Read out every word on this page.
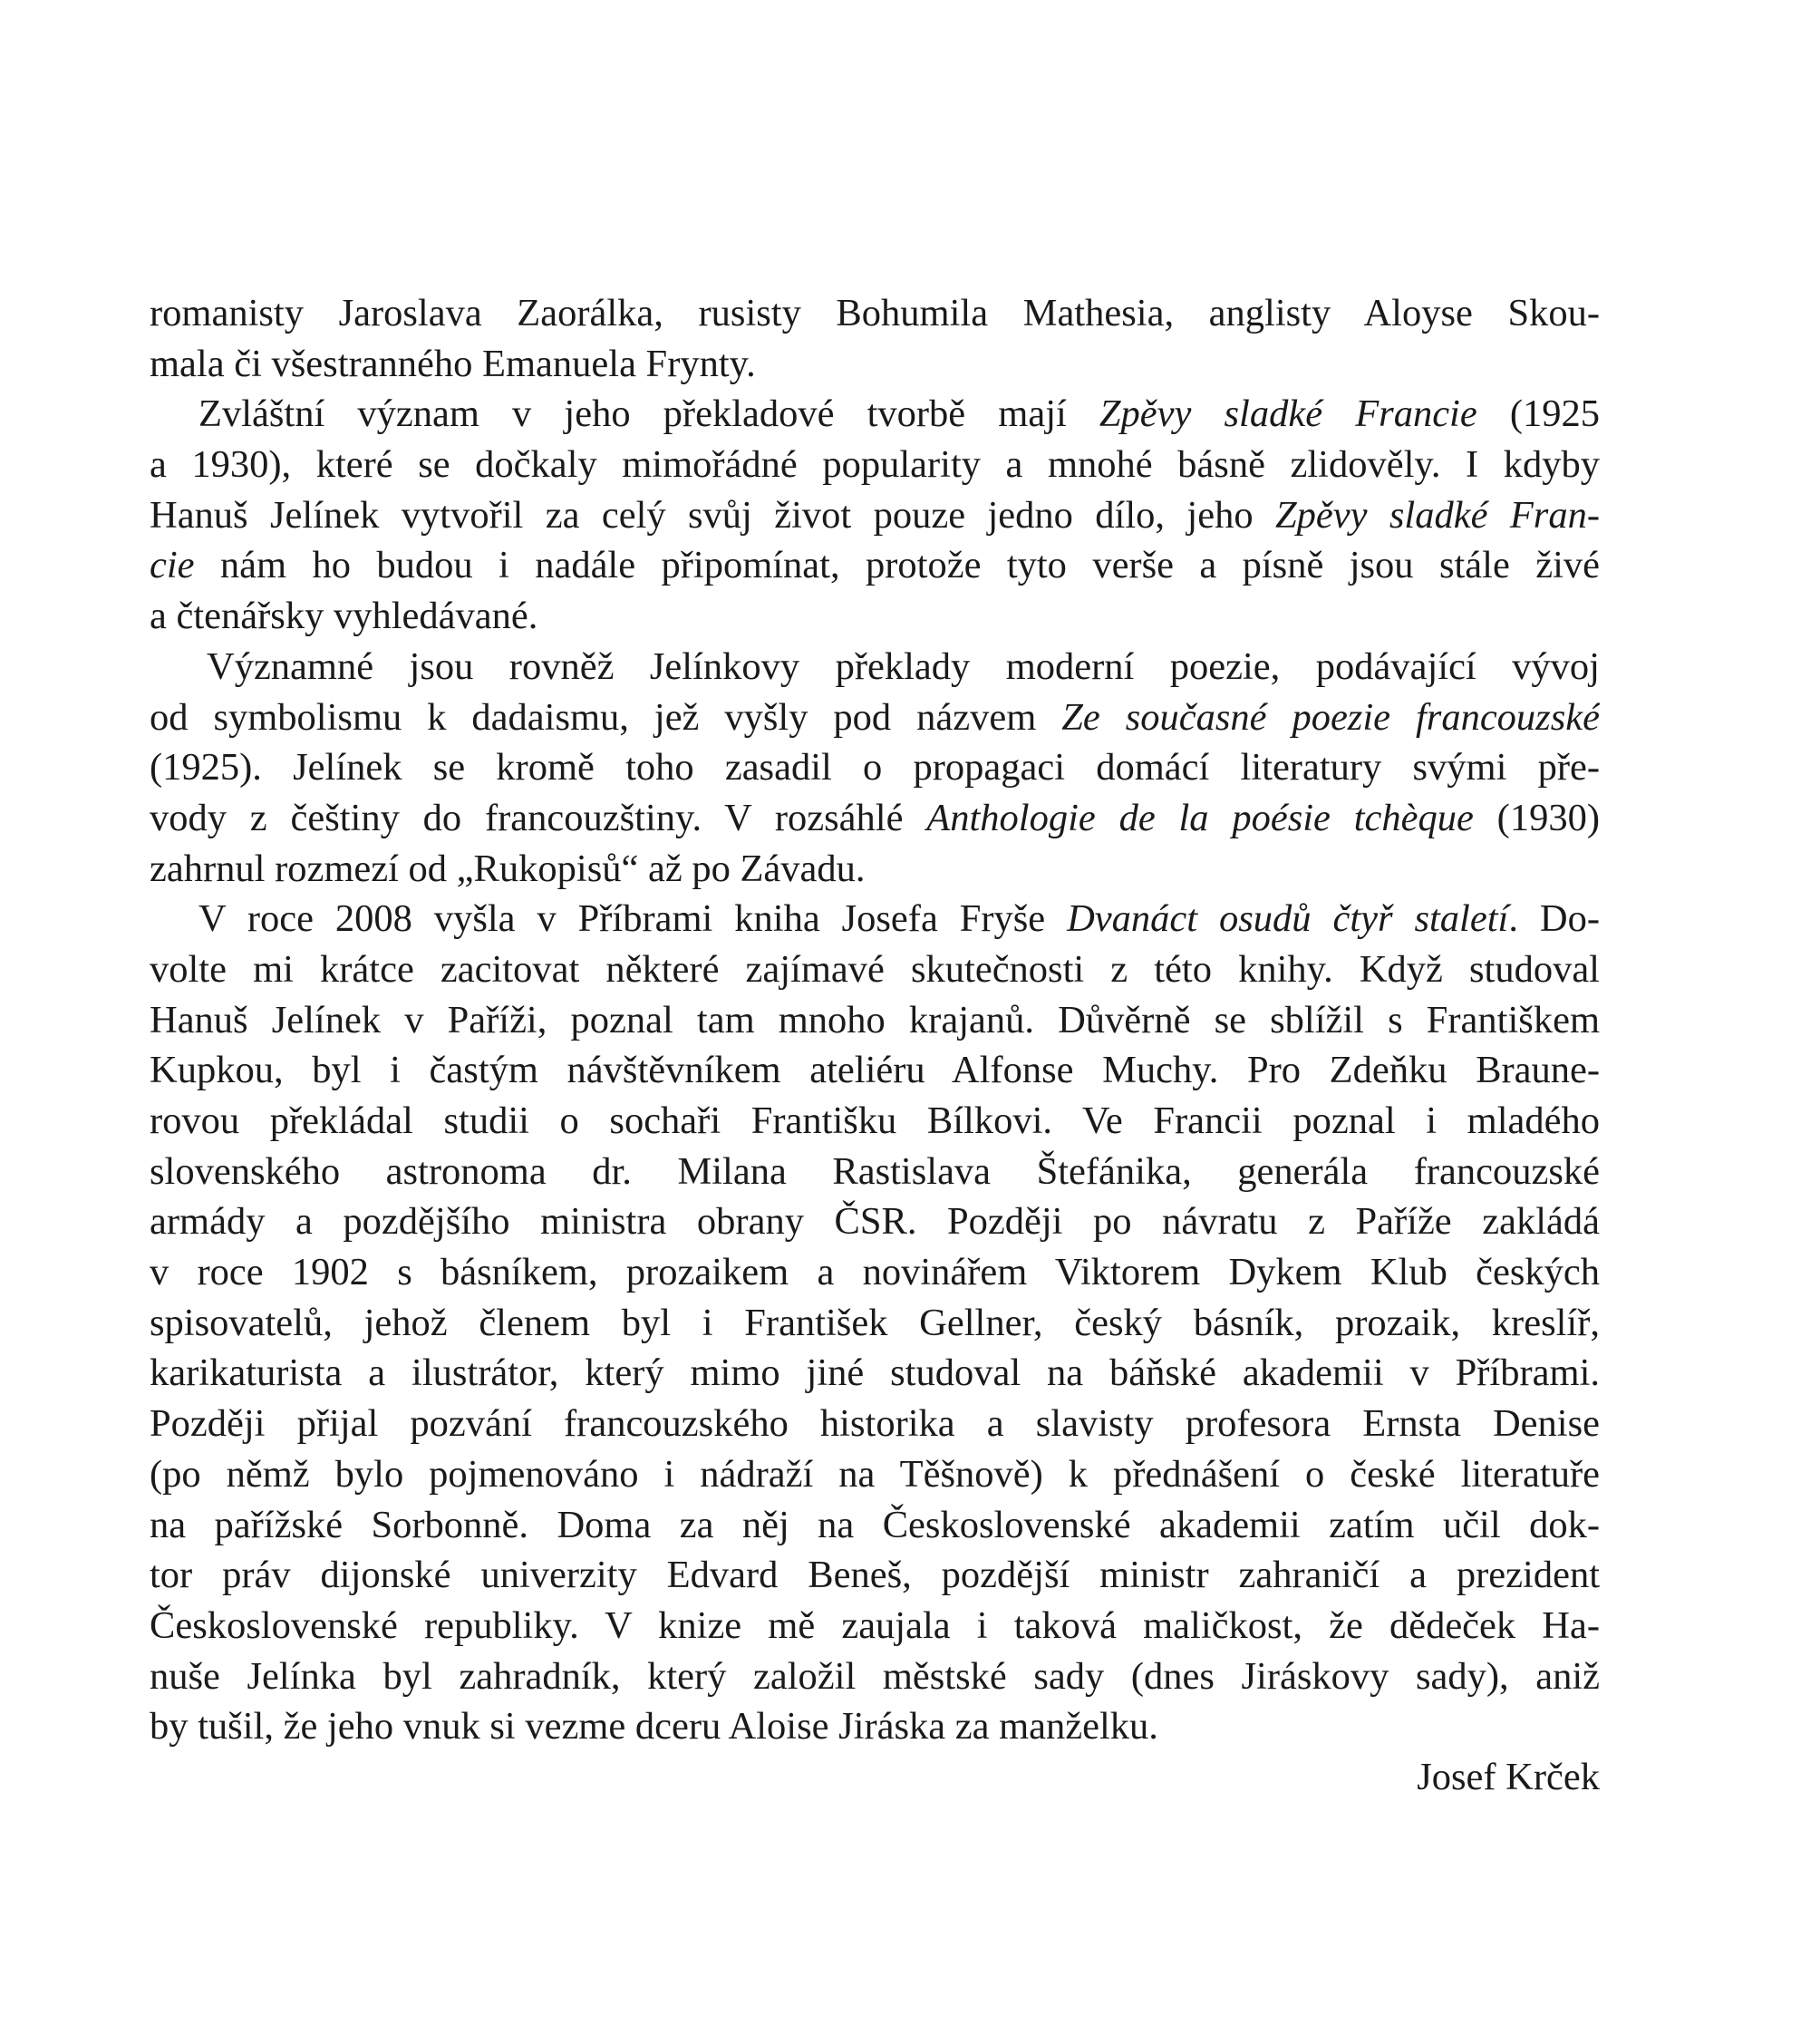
romanisty Jaroslava Zaorálka, rusisty Bohumila Mathesia, anglisty Aloyse Skou-
mala či všestranného Emanuela Frynty.
Zvláštní význam v jeho překladové tvorbě mají Zpěvy sladké Francie (1925
a 1930), které se dočkaly mimořádné popularity a mnohé básně zlidověly. I kdyby
Hanuš Jelínek vytvořil za celý svůj život pouze jedno dílo, jeho Zpěvy sladké Fran-
cie nám ho budou i nadále připomínat, protože tyto verše a písně jsou stále živé
a čtenářsky vyhledávané.
Významné jsou rovněž Jelínkovy překlady moderní poezie, podávající vývoj
od symbolismu k dadaismu, jež vyšly pod názvem Ze současné poezie francouzské
(1925). Jelínek se kromě toho zasadil o propagaci domácí literatury svými pře-
vody z češtiny do francouzštiny. V rozsáhlé Anthologie de la poésie tchèque (1930)
zahrnul rozmezí od „Rukopisů“ až po Závadu.
V roce 2008 vyšla v Příbrami kniha Josefa Fryše Dvanáct osudů čtyř staletí. Do-
volte mi krátce zacitovat některé zajímavé skutečnosti z této knihy. Když studoval
Hanuš Jelínek v Paříži, poznal tam mnoho krajanů. Důvěrně se sblížil s Františkem
Kupkou, byl i častým návštěvníkem ateliéru Alfonse Muchy. Pro Zdeňku Braune-
rovou překládal studii o sochaři Františku Bílkovi. Ve Francii poznal i mladého
slovenského astronoma dr. Milana Rastislava Štefánika, generála francouzské
armády a pozdějšího ministra obrany ČSR. Později po návratu z Paříže zakládá
v roce 1902 s básníkem, prozaikem a novinářem Viktorem Dykem Klub českých
spisovatelů, jehož členem byl i František Gellner, český básník, prozaik, kreslíř,
karikaturista a ilustrátor, který mimo jiné studoval na báňské akademii v Příbrami.
Později přijal pozvání francouzského historika a slavisty profesora Ernsta Denise
(po němž bylo pojmenováno i nádraží na Těšnově) k přednášení o české literatuře
na pařížské Sorbonně. Doma za něj na Československé akademii zatím učil dok-
tor práv dijonské univerzity Edvard Beneš, pozdější ministr zahraničí a prezident
Československé republiky. V knize mě zaujala i taková maličkost, že dědeček Ha-
nuše Jelínka byl zahradník, který založil městské sady (dnes Jiráskovy sady), aniž
by tušil, že jeho vnuk si vezme dceru Aloise Jiráska za manželku.
Josef Krček
